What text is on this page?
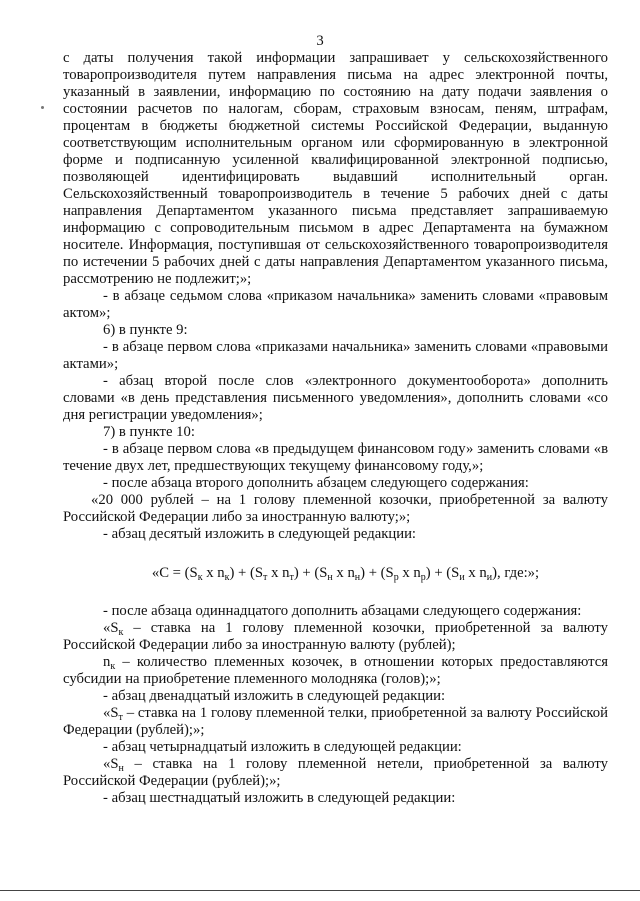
3

с даты получения такой информации запрашивает у сельскохозяйственного товаропроизводителя путем направления письма на адрес электронной почты, указанный в заявлении, информацию по состоянию на дату подачи заявления о состоянии расчетов по налогам, сборам, страховым взносам, пеням, штрафам, процентам в бюджеты бюджетной системы Российской Федерации, выданную соответствующим исполнительным органом или сформированную в электронной форме и подписанную усиленной квалифицированной электронной подписью, позволяющей идентифицировать выдавший исполнительный орган. Сельскохозяйственный товаропроизводитель в течение 5 рабочих дней с даты направления Департаментом указанного письма представляет запрашиваемую информацию с сопроводительным письмом в адрес Департамента на бумажном носителе. Информация, поступившая от сельскохозяйственного товаропроизводителя по истечении 5 рабочих дней с даты направления Департаментом указанного письма, рассмотрению не подлежит;»;

- в абзаце седьмом слова «приказом начальника» заменить словами «правовым актом»;

6) в пункте 9:

- в абзаце первом слова «приказами начальника» заменить словами «правовыми актами»;

- абзац второй после слов «электронного документооборота» дополнить словами «в день представления письменного уведомления», дополнить словами «со дня регистрации уведомления»;

7) в пункте 10:

- в абзаце первом слова «в предыдущем финансовом году» заменить словами «в течение двух лет, предшествующих текущему финансовому году,»;

- после абзаца второго дополнить абзацем следующего содержания:

«20 000 рублей – на 1 голову племенной козочки, приобретенной за валюту Российской Федерации либо за иностранную валюту;»;

- абзац десятый изложить в следующей редакции:

«$С = (S_к$ х $n_к) + (S_т$ х $n_т) + (S_н$ х $n_н) + (S_р$ х $n_р) + (S_и$ х $n_и$), где:»;

- после абзаца одиннадцатого дополнить абзацами следующего содержания:

«$S_к$ – ставка на 1 голову племенной козочки, приобретенной за валюту Российской Федерации либо за иностранную валюту (рублей);

$n_к$ – количество племенных козочек, в отношении которых предоставляются субсидии на приобретение племенного молодняка (голов);»;

- абзац двенадцатый изложить в следующей редакции:

«$S_т$ – ставка на 1 голову племенной телки, приобретенной за валюту Российской Федерации (рублей);»;

- абзац четырнадцатый изложить в следующей редакции:

«$S_н$ – ставка на 1 голову племенной нетели, приобретенной за валюту Российской Федерации (рублей);»;

- абзац шестнадцатый изложить в следующей редакции:
